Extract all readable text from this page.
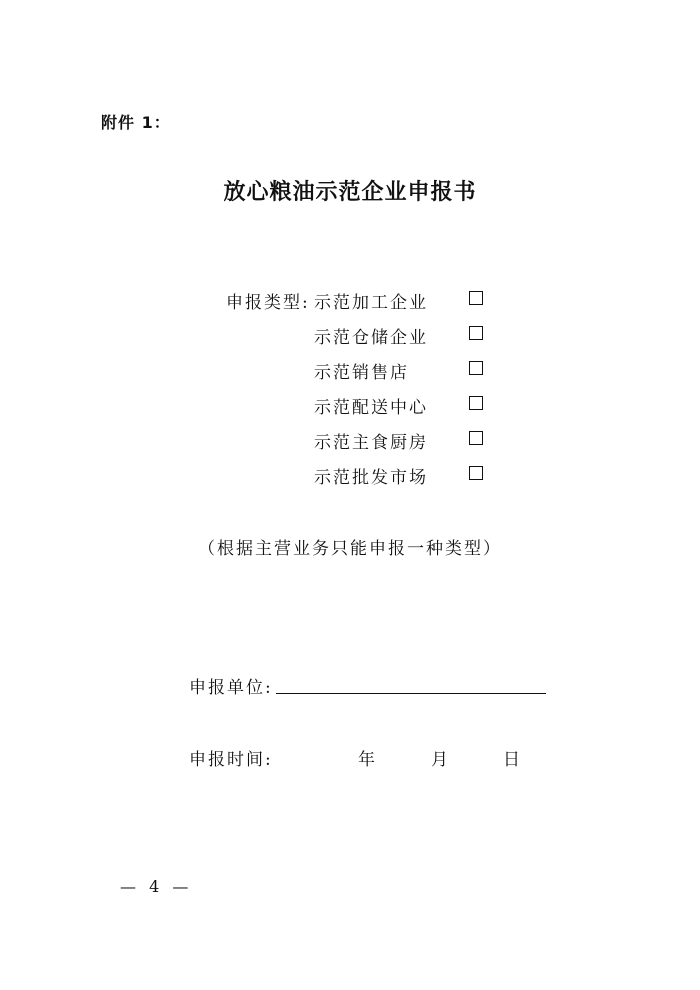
附件 1：
放心粮油示范企业申报书
申报类型: 示范加工企业
示范仓储企业
示范销售店
示范配送中心
示范主食厨房
示范批发市场
（根据主营业务只能申报一种类型）
申报单位:
申报时间:	年	月	日
— 4 —
